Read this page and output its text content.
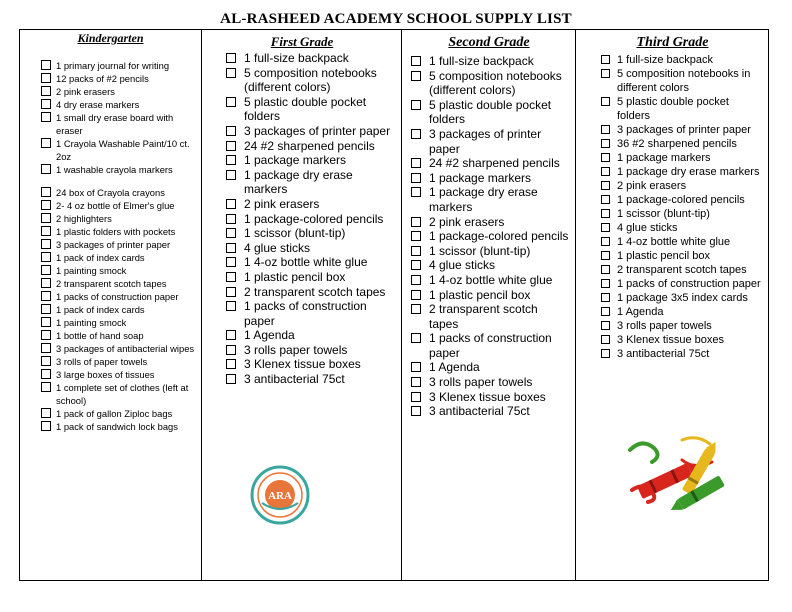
AL-RASHEED ACADEMY SCHOOL SUPPLY LIST
Kindergarten
1 primary journal for writing
12 packs of #2 pencils
2 pink erasers
4 dry erase markers
1 small dry erase board with eraser
1 Crayola Washable Paint/10 ct. 2oz
1 washable crayola markers
24 box of Crayola crayons
2- 4 oz bottle of Elmer's glue
2 highlighters
1 plastic folders with pockets
3 packages of printer paper
1 pack of index cards
1 painting smock
2 transparent scotch tapes
1 packs of construction paper
1 pack of index cards
1 painting smock
1 bottle of hand soap
3 packages of antibacterial wipes
3 rolls of paper towels
3 large boxes of tissues
1 complete set of clothes (left at school)
1 pack of gallon Ziploc bags
1 pack of sandwich lock bags
First Grade
1 full-size backpack
5 composition notebooks (different colors)
5 plastic double pocket folders
3 packages of printer paper
24 #2 sharpened pencils
1 package markers
1 package dry erase markers
2 pink erasers
1 package-colored pencils
1 scissor (blunt-tip)
4 glue sticks
1 4-oz bottle white glue
1 plastic pencil box
2 transparent scotch tapes
1 packs of construction paper
1 Agenda
3 rolls paper towels
3 Klenex tissue boxes
3 antibacterial 75ct
Second Grade
1 full-size backpack
5 composition notebooks (different colors)
5 plastic double pocket folders
3 packages of printer paper
24 #2 sharpened pencils
1 package markers
1 package dry erase markers
2 pink erasers
1 package-colored pencils
1 scissor (blunt-tip)
4 glue sticks
1 4-oz bottle white glue
1 plastic pencil box
2 transparent scotch tapes
1 packs of construction paper
1 Agenda
3 rolls paper towels
3 Klenex tissue boxes
3 antibacterial 75ct
Third Grade
1 full-size backpack
5 composition notebooks in different colors
5 plastic double pocket folders
3 packages of printer paper
36 #2 sharpened pencils
1 package markers
1 package dry erase markers
2 pink erasers
1 package-colored pencils
1 scissor (blunt-tip)
4 glue sticks
1 4-oz bottle white glue
1 plastic pencil box
2 transparent scotch tapes
1 packs of construction paper
1 package 3x5 index cards
1 Agenda
3 rolls paper towels
3 Klenex tissue boxes
3 antibacterial 75ct
ARA
